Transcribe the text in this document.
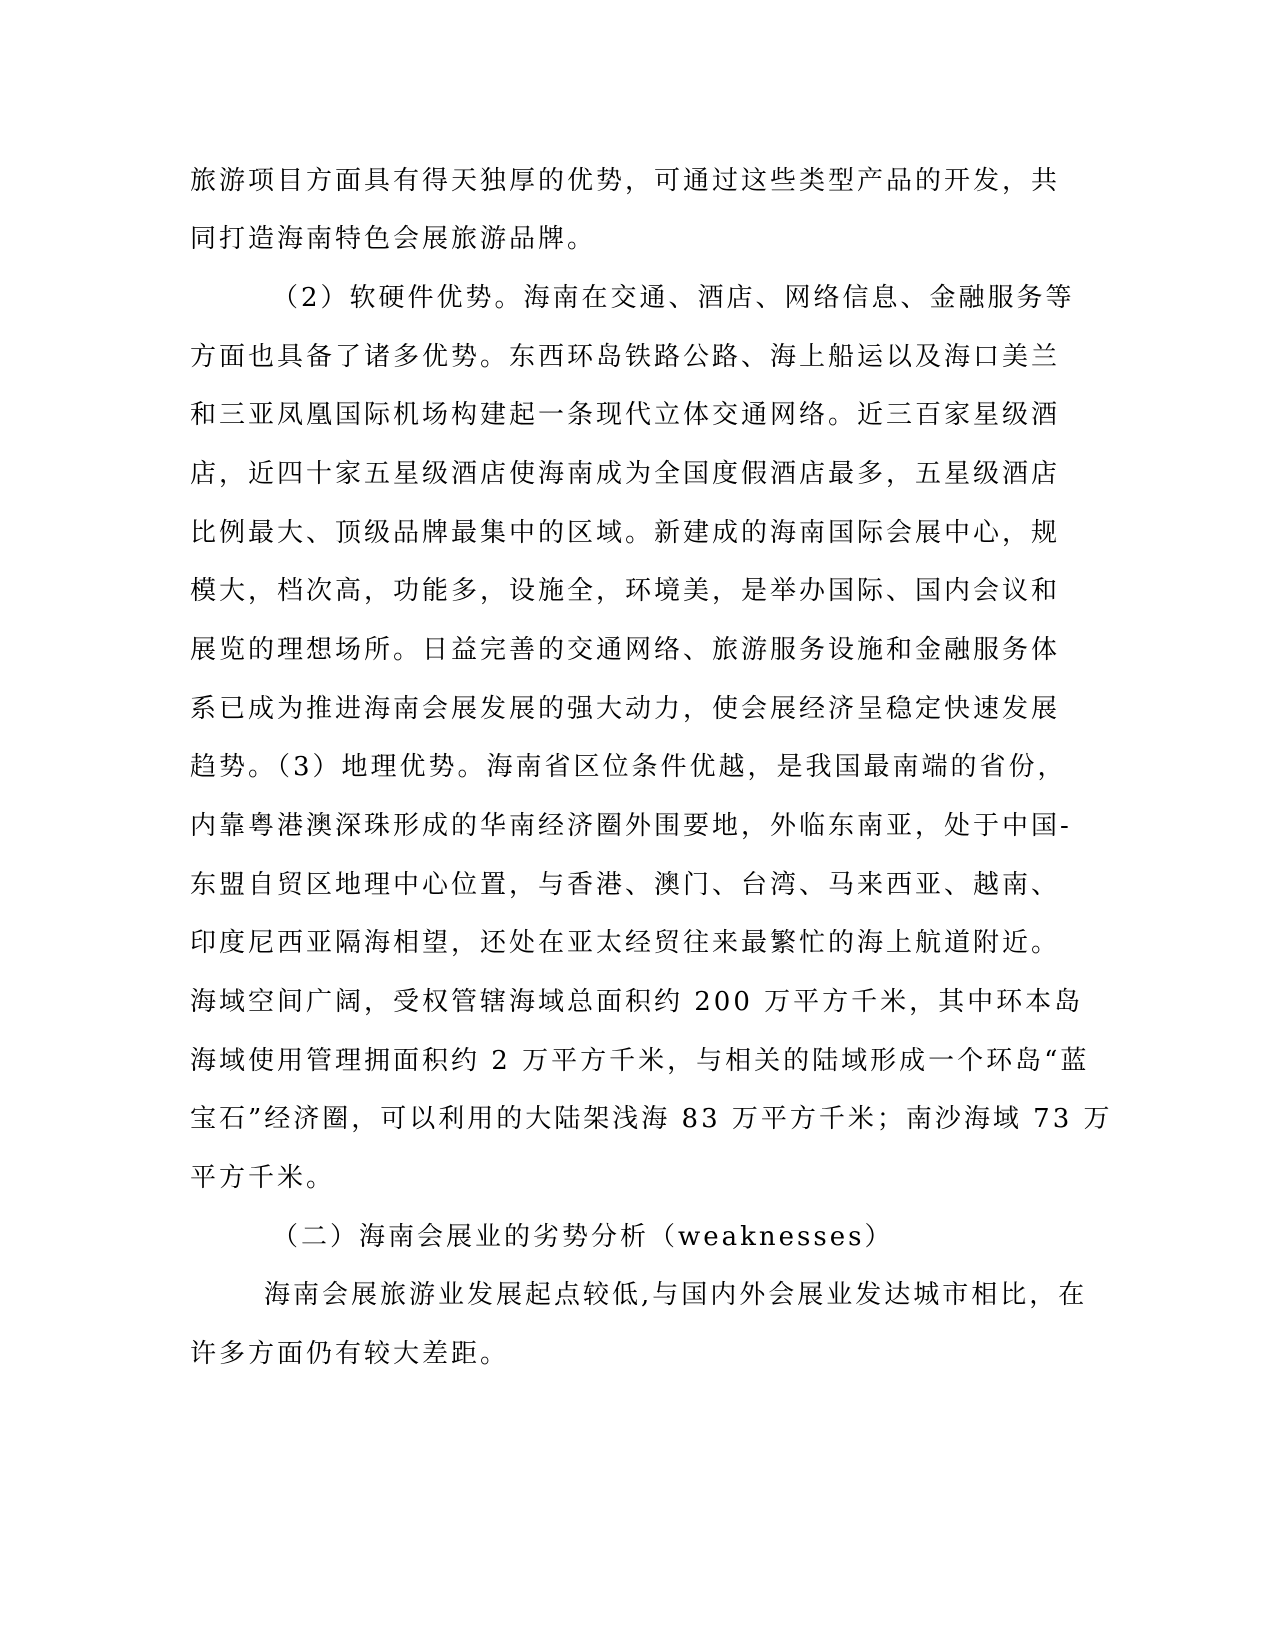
旅游项目方面具有得天独厚的优势，可通过这些类型产品的开发，共

同打造海南特色会展旅游品牌。

（2）软硬件优势。海南在交通、酒店、网络信息、金融服务等

方面也具备了诸多优势。东西环岛铁路公路、海上船运以及海口美兰

和三亚凤凰国际机场构建起一条现代立体交通网络。近三百家星级酒

店，近四十家五星级酒店使海南成为全国度假酒店最多，五星级酒店

比例最大、顶级品牌最集中的区域。新建成的海南国际会展中心，规

模大，档次高，功能多，设施全，环境美，是举办国际、国内会议和

展览的理想场所。日益完善的交通网络、旅游服务设施和金融服务体

系已成为推进海南会展发展的强大动力，使会展经济呈稳定快速发展

趋势。（3）地理优势。海南省区位条件优越，是我国最南端的省份，

内靠粤港澳深珠形成的华南经济圈外围要地，外临东南亚，处于中国-

东盟自贸区地理中心位置，与香港、澳门、台湾、马来西亚、越南、

印度尼西亚隔海相望，还处在亚太经贸往来最繁忙的海上航道附近。

海域空间广阔，受权管辖海域总面积约 200 万平方千米，其中环本岛

海域使用管理拥面积约 2 万平方千米，与相关的陆域形成一个环岛“蓝

宝石”经济圈，可以利用的大陆架浅海 83 万平方千米；南沙海域 73 万

平方千米。

（二）海南会展业的劣势分析（weaknesses）

海南会展旅游业发展起点较低,与国内外会展业发达城市相比，在

许多方面仍有较大差距。
